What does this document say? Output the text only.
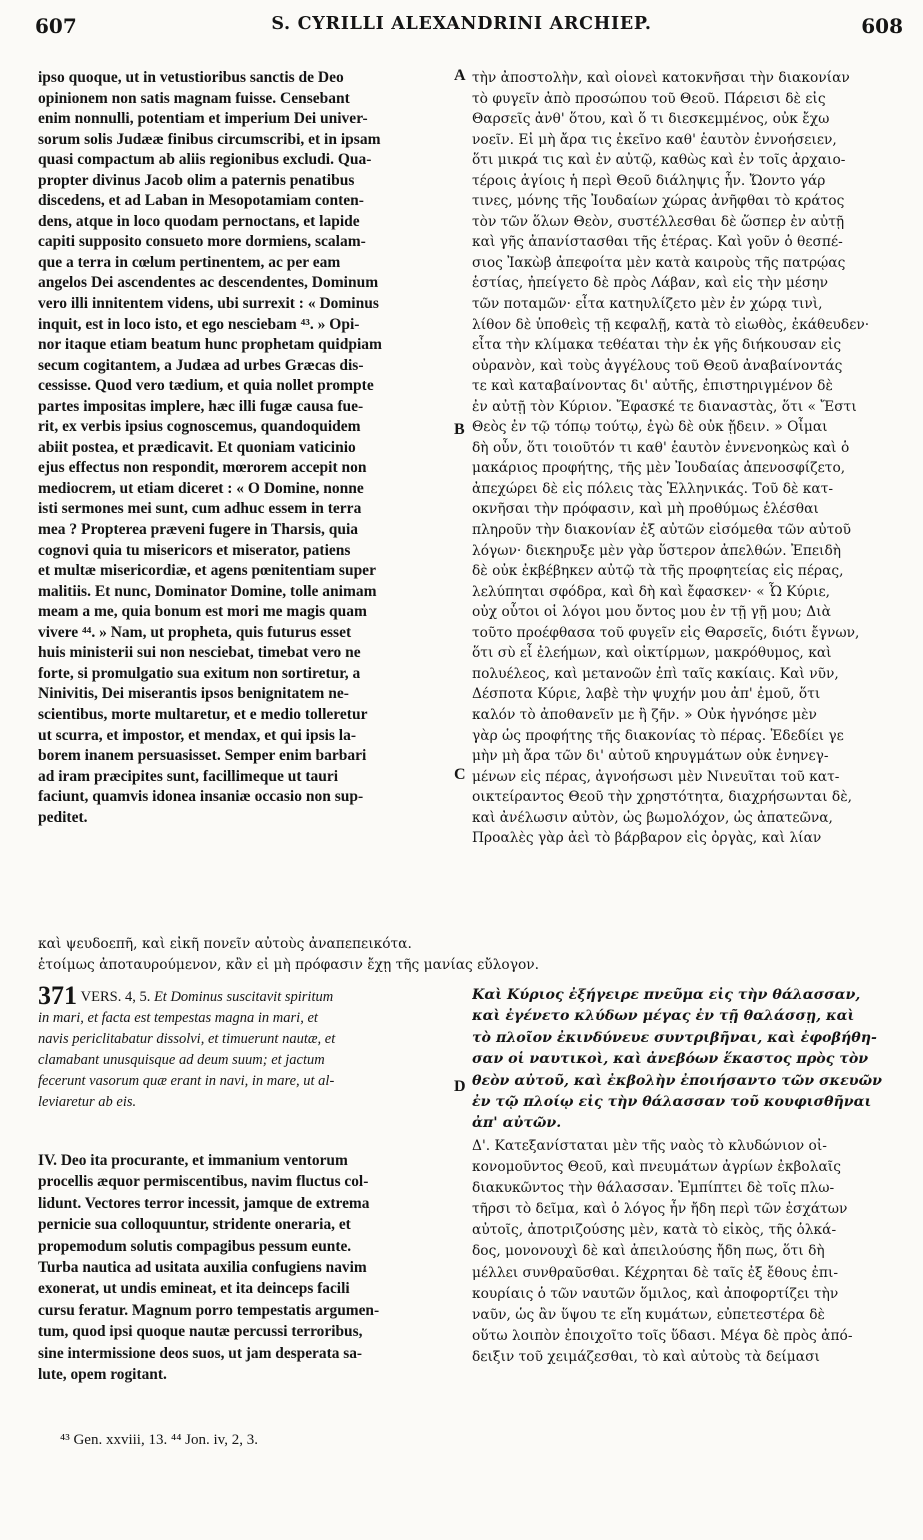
607	S. CYRILLI ALEXANDRINI ARCHIEP.	608
A
B
C
D
ipso quoque, ut in vetustioribus sanctis de Deo
opinionem non satis magnam fuisse. Censebant
enim nonnulli, potentiam et imperium Dei univer-
sorum solis Judææ finibus circumscribi, et in ipsam
quasi compactum ab aliis regionibus excludi. Qua-
propter divinus Jacob olim a paternis penatibus
discedens, et ad Laban in Mesopotamiam conten-
dens, atque in loco quodam pernoctans, et lapide
capiti supposito consueto more dormiens, scalam-
que a terra in cœlum pertinentem, ac per eam
angelos Dei ascendentes ac descendentes, Dominum
vero illi innitentem videns, ubi surrexit : « Dominus
inquit, est in loco isto, et ego nesciebam ⁴³. » Opi-
nor itaque etiam beatum hunc prophetam quidpiam
secum cogitantem, a Judæa ad urbes Græcas dis-
cessisse. Quod vero tædium, et quia nollet prompte
partes impositas implere, hæc illi fugæ causa fue-
rit, ex verbis ipsius cognoscemus, quandoquidem
abiit postea, et prædicavit. Et quoniam vaticinio
ejus effectus non respondit, mœrorem accepit non
mediocrem, ut etiam diceret : « O Domine, nonne
isti sermones mei sunt, cum adhuc essem in terra
mea ? Propterea præveni fugere in Tharsis, quia
cognovi quia tu misericors et miserator, patiens
et multæ misericordiæ, et agens pœnitentiam super
malitiis. Et nunc, Dominator Domine, tolle animam
meam a me, quia bonum est mori me magis quam
vivere ⁴⁴. » Nam, ut propheta, quis futurus esset
huis ministerii sui non nesciebat, timebat vero ne
forte, si promulgatio sua exitum non sortiretur, a
Ninivitis, Dei miserantis ipsos benignitatem ne-
scientibus, morte multaretur, et e medio tolleretur
ut scurra, et impostor, et mendax, et qui ipsis la-
borem inanem persuasisset. Semper enim barbari
ad iram præcipites sunt, facillimeque ut tauri
faciunt, quamvis idonea insaniæ occasio non sup-
peditet.
τὴν ἀποστολὴν, καὶ οἱονεὶ κατοκνῆσαι τὴν διακονίαν
τὸ φυγεῖν ἀπὸ προσώπου τοῦ Θεοῦ. Πάρεισι δὲ εἰς
Θαρσεῖς ἀνθ' ὅτου, καὶ ὅ τι διεσκεμμένος, οὐκ ἔχω
νοεῖν. Εἰ μὴ ἄρα τις ἐκεῖνο καθ' ἑαυτὸν ἐννοήσειεν,
ὅτι μικρά τις καὶ ἐν αὐτῷ, καθὼς καὶ ἐν τοῖς ἀρχαιο-
τέροις ἁγίοις ἡ περὶ Θεοῦ διάληψις ἦν. Ὤοντο γάρ
τινες, μόνης τῆς Ἰουδαίων χώρας ἀνῆφθαι τὸ κράτος
τὸν τῶν ὅλων Θεὸν, συστέλλεσθαι δὲ ὥσπερ ἐν αὐτῇ
καὶ γῆς ἀπανίστασθαι τῆς ἑτέρας. Καὶ γοῦν ὁ θεσπέ-
σιος Ἰακὼβ ἀπεφοίτα μὲν κατὰ καιροὺς τῆς πατρῴας
ἑστίας, ἠπείγετο δὲ πρὸς Λάβαν, καὶ εἰς τὴν μέσην
τῶν ποταμῶν· εἶτα κατηυλίζετο μὲν ἐν χώρᾳ τινὶ,
λίθον δὲ ὑποθεὶς τῇ κεφαλῇ, κατὰ τὸ εἰωθὸς, ἐκάθευδεν·
εἶτα τὴν κλίμακα τεθέαται τὴν ἐκ γῆς διήκουσαν εἰς
οὐρανὸν, καὶ τοὺς ἀγγέλους τοῦ Θεοῦ ἀναβαίνοντάς
τε καὶ καταβαίνοντας δι' αὐτῆς, ἐπιστηριγμένον δὲ
ἐν αὐτῇ τὸν Κύριον. Ἔφασκέ τε διαναστὰς, ὅτι « Ἔστι
Θεὸς ἐν τῷ τόπῳ τούτῳ, ἐγὼ δὲ οὐκ ᾔδειν. » Οἶμαι
δὴ οὖν, ὅτι τοιοῦτόν τι καθ' ἑαυτὸν ἐννενοηκὼς καὶ ὁ
μακάριος προφήτης, τῆς μὲν Ἰουδαίας ἀπενοσφίζετο,
ἀπεχώρει δὲ εἰς πόλεις τὰς Ἑλληνικάς. Τοῦ δὲ κατ-
οκνῆσαι τὴν πρόφασιν, καὶ μὴ προθύμως ἑλέσθαι
πληροῦν τὴν διακονίαν ἐξ αὐτῶν εἰσόμεθα τῶν αὐτοῦ
λόγων· διεκηρυξε μὲν γὰρ ὕστερον ἀπελθών. Ἐπειδὴ
δὲ οὐκ ἐκβέβηκεν αὐτῷ τὰ τῆς προφητείας εἰς πέρας,
λελύπηται σφόδρα, καὶ δὴ καὶ ἔφασκεν· « Ὦ Κύριε,
οὐχ οὗτοι οἱ λόγοι μου ὄντος μου ἐν τῇ γῇ μου; Διὰ
τοῦτο προέφθασα τοῦ φυγεῖν εἰς Θαρσεῖς, διότι ἔγνων,
ὅτι σὺ εἶ ἐλεήμων, καὶ οἰκτίρμων, μακρόθυμος, καὶ
πολυέλεος, καὶ μετανοῶν ἐπὶ ταῖς κακίαις. Καὶ νῦν,
Δέσποτα Κύριε, λαβὲ τὴν ψυχήν μου ἀπ' ἐμοῦ, ὅτι
καλόν τὸ ἀποθανεῖν με ἢ ζῆν. » Οὐκ ἠγνόησε μὲν
γὰρ ὡς προφήτης τῆς διακονίας τὸ πέρας. Ἐδεδίει γε
μὴν μὴ ἄρα τῶν δι' αὐτοῦ κηρυγμάτων οὐκ ἐνηνεγ-
μένων εἰς πέρας, ἀγνοήσωσι μὲν Νινευῖται τοῦ κατ-
οικτείραντος Θεοῦ τὴν χρηστότητα, διαχρήσωνται δὲ,
καὶ ἀνέλωσιν αὐτὸν, ὡς βωμολόχον, ὡς ἀπατεῶνα,
Προαλὲς γὰρ ἀεὶ τὸ βάρβαρον εἰς ὀργὰς, καὶ λίαν
καὶ ψευδοεπῆ, καὶ εἰκῆ πονεῖν αὐτοὺς ἀναπεπεικότα.
ἑτοίμως ἀποταυρούμενον, κἂν εἰ μὴ πρόφασιν ἔχῃ τῆς μανίας εὔλογον.
371 VERS. 4, 5. Et Dominus suscitavit spiritum
in mari, et facta est tempestas magna in mari, et
navis periclitabatur dissolvi, et timuerunt nautæ, et
clamabant unusquisque ad deum suum; et jactum
fecerunt vasorum quæ erant in navi, in mare, ut al-
leviaretur ab eis.
Καὶ Κύριος ἐξήγειρε πνεῦμα εἰς τὴν θάλασσαν,
καὶ ἐγένετο κλύδων μέγας ἐν τῇ θαλάσσῃ, καὶ
τὸ πλοῖον ἐκινδύνευε συντριβῆναι, καὶ ἐφοβήθη-
σαν οἱ ναυτικοὶ, καὶ ἀνεβόων ἕκαστος πρὸς τὸν
θεὸν αὐτοῦ, καὶ ἐκβολὴν ἐποιήσαντο τῶν σκευῶν
ἐν τῷ πλοίῳ εἰς τὴν θάλασσαν τοῦ κουφισθῆναι
ἀπ' αὐτῶν.
Δ'. Κατεξανίσταται μὲν τῆς ναὸς τὸ κλυδώνιον οἰ-
κονομοῦντος Θεοῦ, καὶ πνευμάτων ἀγρίων ἐκβολαῖς
διακυκῶντος τὴν θάλασσαν. Ἐμπίπτει δὲ τοῖς πλω-
τῆρσι τὸ δεῖμα, καὶ ὁ λόγος ἦν ἤδη περὶ τῶν ἐσχάτων
αὐτοῖς, ἀποτριζούσης μὲν, κατὰ τὸ εἰκὸς, τῆς ὁλκά-
δος, μονονουχὶ δὲ καὶ ἀπειλούσης ἤδη πως, ὅτι δὴ
μέλλει συνθραῦσθαι. Κέχρηται δὲ ταῖς ἐξ ἔθους ἐπι-
κουρίαις ὁ τῶν ναυτῶν ὅμιλος, καὶ ἀποφορτίζει τὴν
ναῦν, ὡς ἂν ὕψου τε εἴη κυμάτων, εὐπετεστέρα δὲ
οὕτω λοιπὸν ἐποιχοῖτο τοῖς ὕδασι. Μέγα δὲ πρὸς ἀπό-
δειξιν τοῦ χειμάζεσθαι, τὸ καὶ αὐτοὺς τὰ δείμασι
IV. Deo ita procurante, et immanium ventorum
procellis æquor permiscentibus, navim fluctus col-
lidunt. Vectores terror incessit, jamque de extrema
pernicie sua colloquuntur, stridente oneraria, et
propemodum solutis compagibus pessum eunte.
Turba nautica ad usitata auxilia confugiens navim
exonerat, ut undis emineat, et ita deinceps facili
cursu feratur. Magnum porro tempestatis argumen-
tum, quod ipsi quoque nautæ percussi terroribus,
sine intermissione deos suos, ut jam desperata sa-
lute, opem rogitant.
⁴³ Gen. xxviii, 13. ⁴⁴ Jon. iv, 2, 3.
